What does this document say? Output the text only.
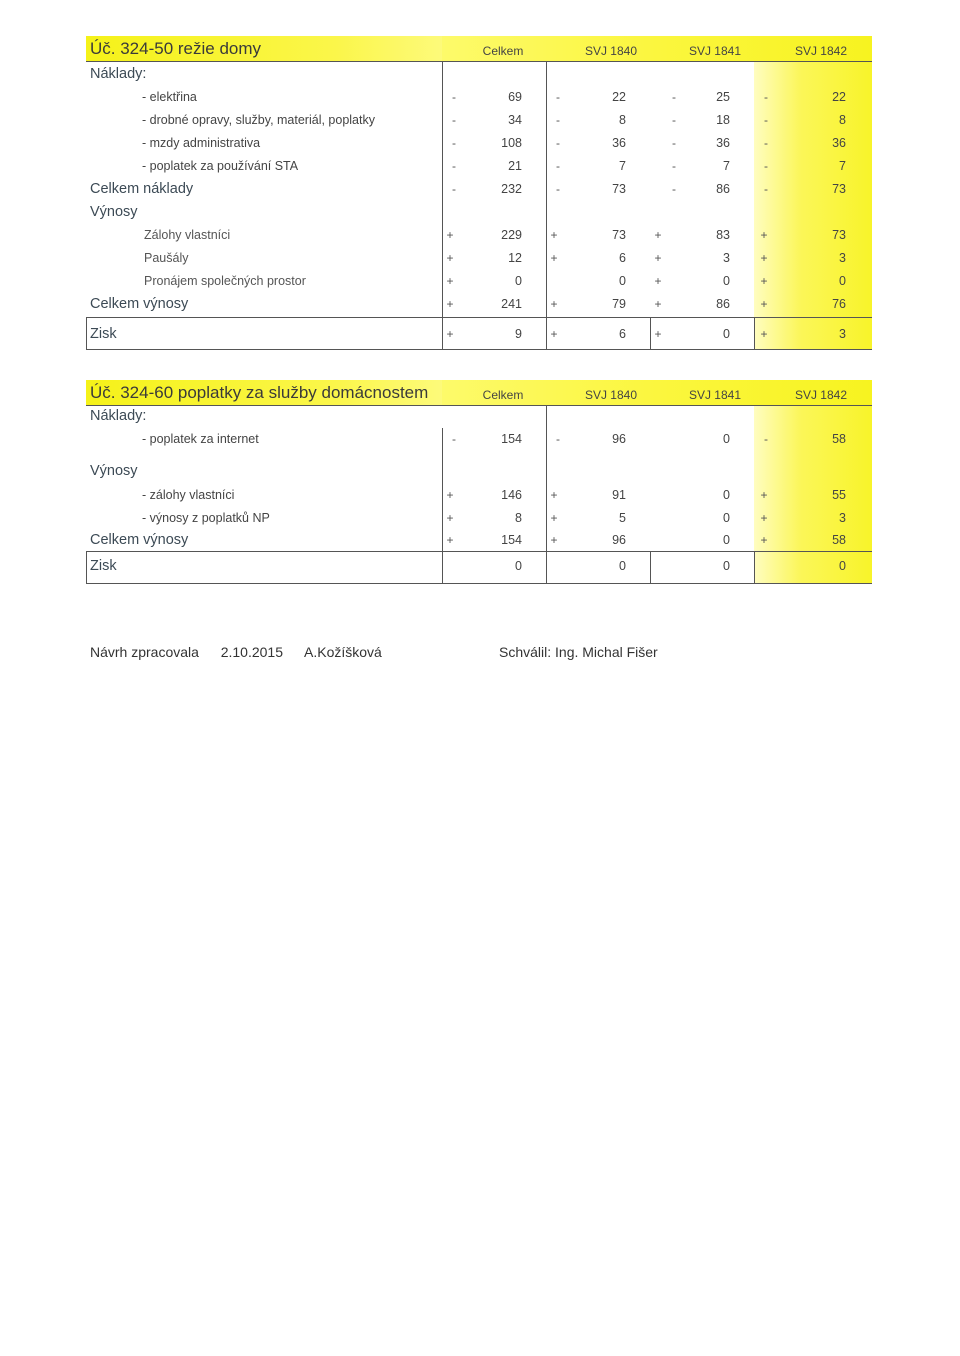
Úč. 324-50 režie domy	Celkem	SVJ 1840	SVJ 1841	SVJ 1842
Náklady:
- elektřina	-	69	-	22	-	25	-	22
- drobné opravy, služby, materiál, poplatky	-	34	-	8	-	18	-	8
- mzdy administrativa	-	108	-	36	-	36	-	36
- poplatek za používání STA	-	21	-	7	-	7	-	7
Celkem náklady	-	232	-	73	-	86	-	73
Výnosy
Zálohy vlastníci	+	229 +	73 +	83	+	73
Paušály	+	12 +	6 +	3	+	3
Pronájem společných prostor	+	0	0 +	0	+	0
Celkem výnosy	+	241 +	79 +	86	+	76
Zisk	+	9 +	6 +	0	+	3
Úč. 324-60 poplatky za služby domácnostem	Celkem	SVJ 1840	SVJ 1841	SVJ 1842
Náklady:
- poplatek za internet	-	154	-	96	0	-	58
Výnosy
- zálohy vlastníci	+	146 +	91	0	+	55
- výnosy z poplatků NP	+	8 +	5	0	+	3
Celkem výnosy	+	154 +	96	0	+	58
Zisk	0	0	0	0
Návrh zpracovala 2.10.2015 A.Kožíšková	Schválil: Ing. Michal Fišer
